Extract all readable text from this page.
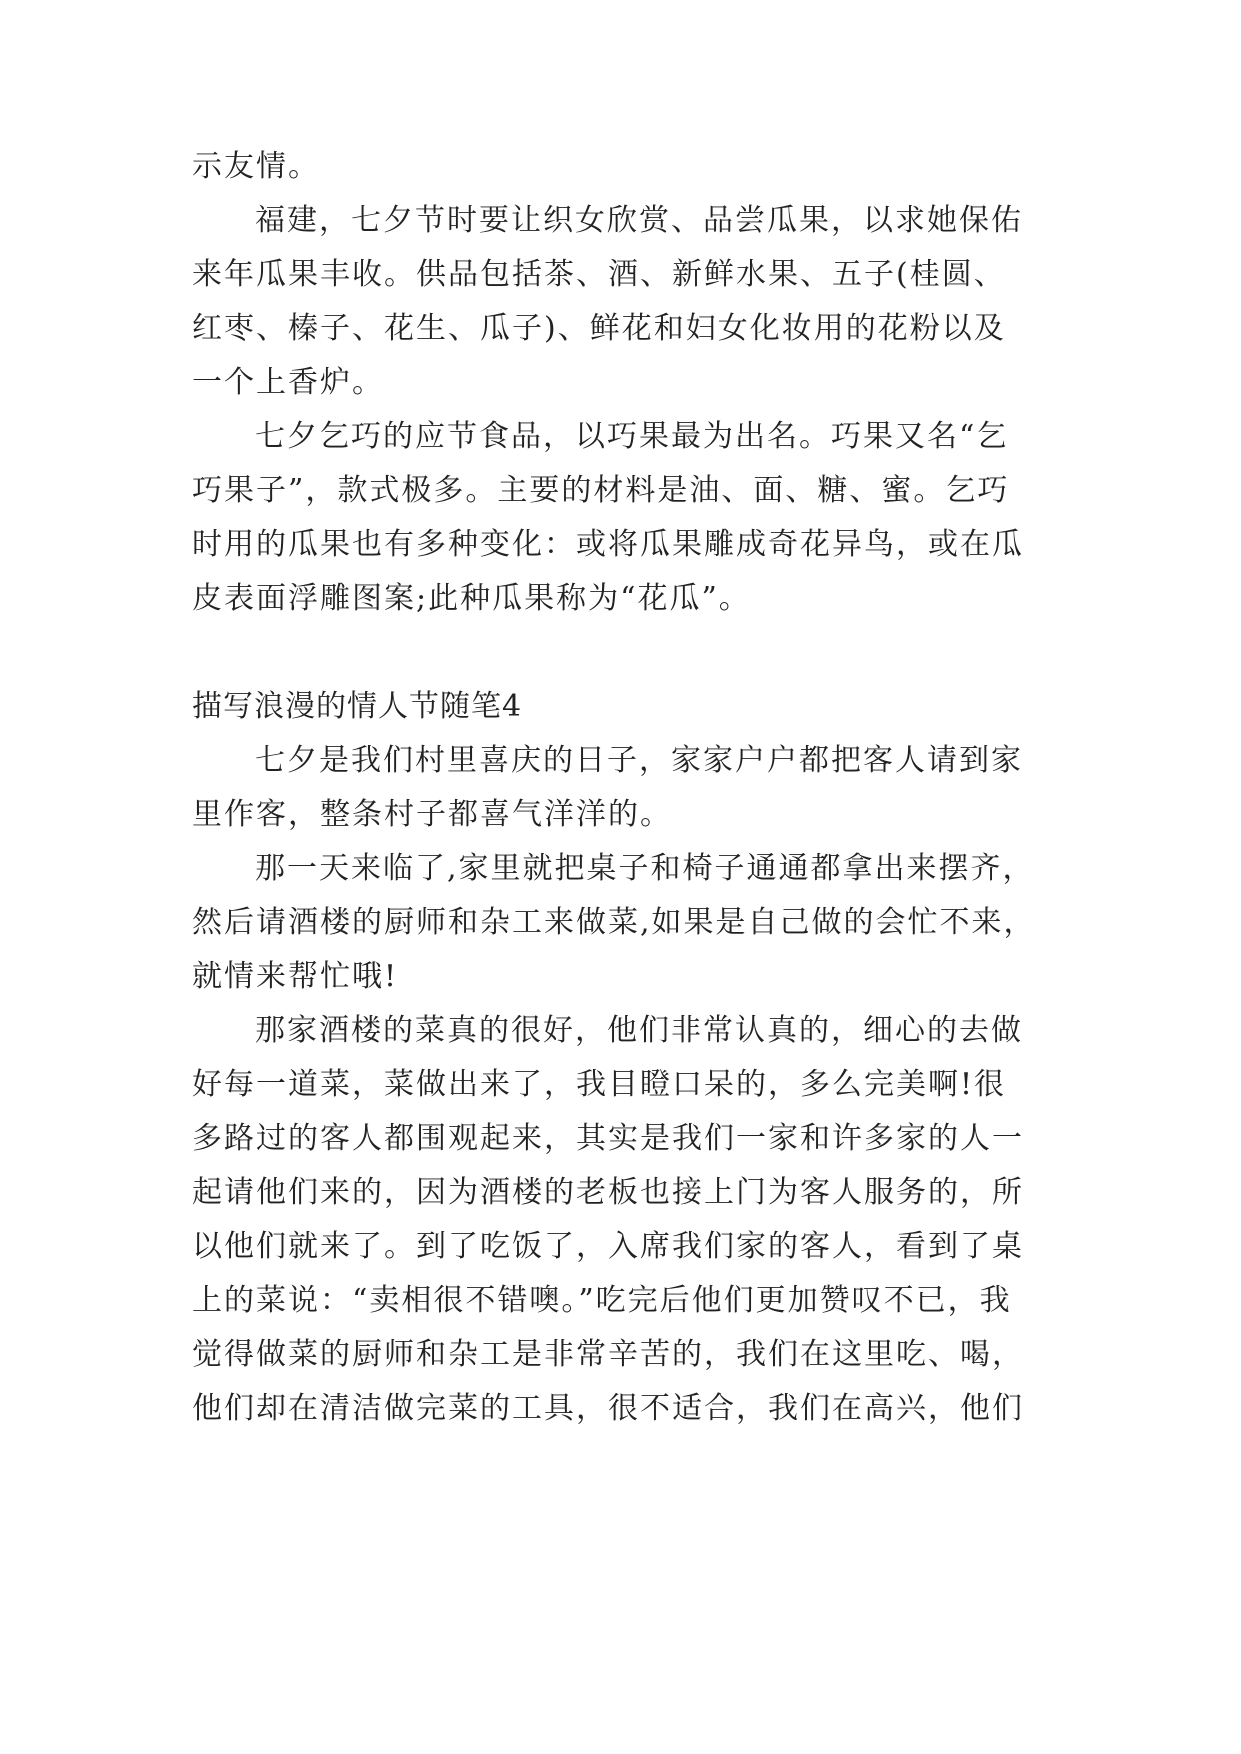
示友情。

福建，七夕节时要让织女欣赏、品尝瓜果，以求她保佑

来年瓜果丰收。供品包括茶、酒、新鲜水果、五子(桂圆、

红枣、榛子、花生、瓜子)、鲜花和妇女化妆用的花粉以及

一个上香炉。

七夕乞巧的应节食品，以巧果最为出名。巧果又名“乞

巧果子”，款式极多。主要的材料是油、面、糖、蜜。乞巧

时用的瓜果也有多种变化：或将瓜果雕成奇花异鸟，或在瓜

皮表面浮雕图案;此种瓜果称为“花瓜”。

描写浪漫的情人节随笔4

七夕是我们村里喜庆的日子，家家户户都把客人请到家

里作客，整条村子都喜气洋洋的。

那一天来临了,家里就把桌子和椅子通通都拿出来摆齐，

然后请酒楼的厨师和杂工来做菜,如果是自己做的会忙不来，

就情来帮忙哦!

那家酒楼的菜真的很好，他们非常认真的，细心的去做

好每一道菜，菜做出来了，我目瞪口呆的，多么完美啊!很

多路过的客人都围观起来，其实是我们一家和许多家的人一

起请他们来的，因为酒楼的老板也接上门为客人服务的，所

以他们就来了。到了吃饭了，入席我们家的客人，看到了桌

上的菜说：“卖相很不错噢。”吃完后他们更加赞叹不已，我

觉得做菜的厨师和杂工是非常辛苦的，我们在这里吃、喝，

他们却在清洁做完菜的工具，很不适合，我们在高兴，他们
